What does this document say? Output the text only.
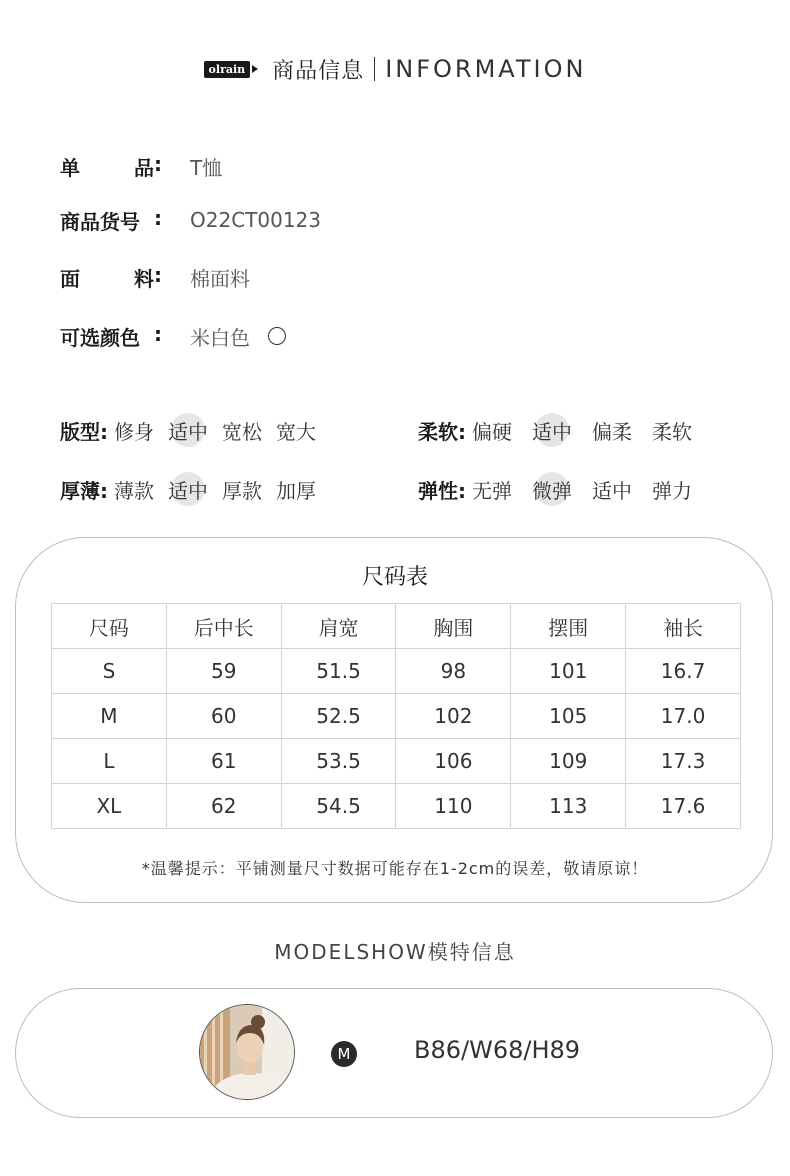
olrain 商品信息 INFORMATION
单	品 : T恤
商品货号 : O22CT00123
面	料 : 棉面料
可选颜色 : 米白色
版型: 修身 适中 宽松 宽大	柔软: 偏硬 适中 偏柔 柔软
厚薄: 薄款 适中 厚款 加厚	弹性: 无弹 微弹 适中 弹力
尺码表
尺码	后中长	肩宽	胸围	摆围	袖长
S	59	51.5	98	101	16.7
M	60	52.5	102	105	17.0
L	61	53.5	106	109	17.3
XL	62	54.5	110	113	17.6
*温馨提示：平铺测量尺寸数据可能存在1-2cm的误差，敬请原谅！
MODELSHOW模特信息
M	B86/W68/H89
